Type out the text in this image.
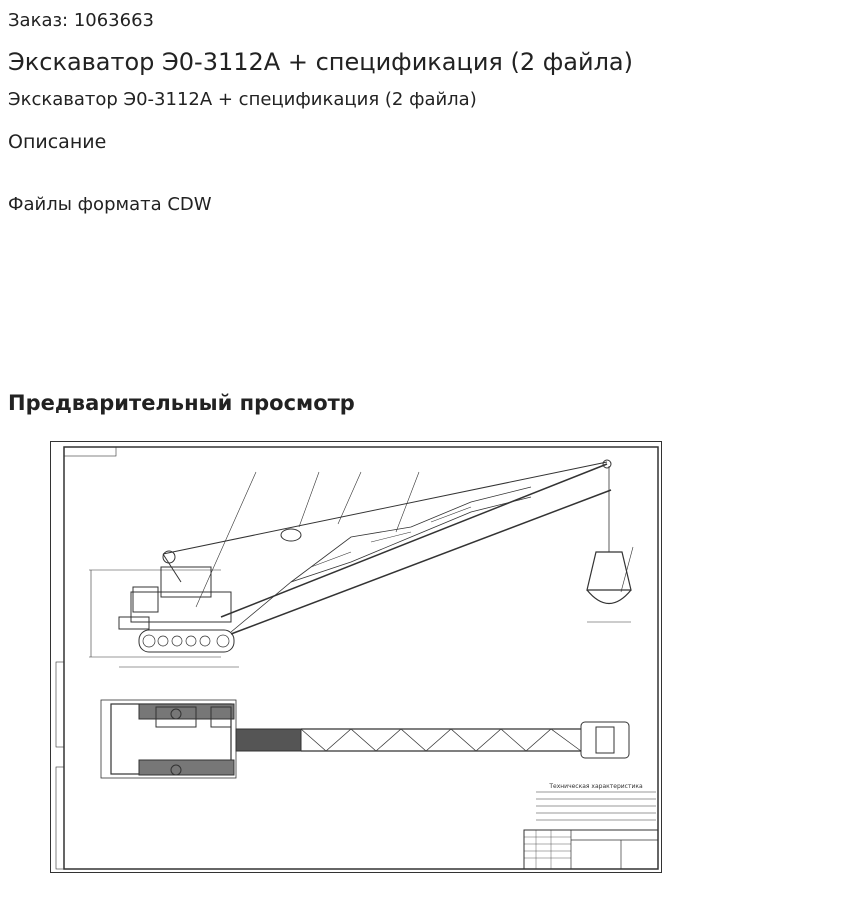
Заказ: 1063663
Экскаватор Э0-3112А + спецификация (2 файла)
Экскаватор Э0-3112А + спецификация (2 файла)
Описание
Файлы формата CDW
Предварительный просмотр
Техническая характеристика
